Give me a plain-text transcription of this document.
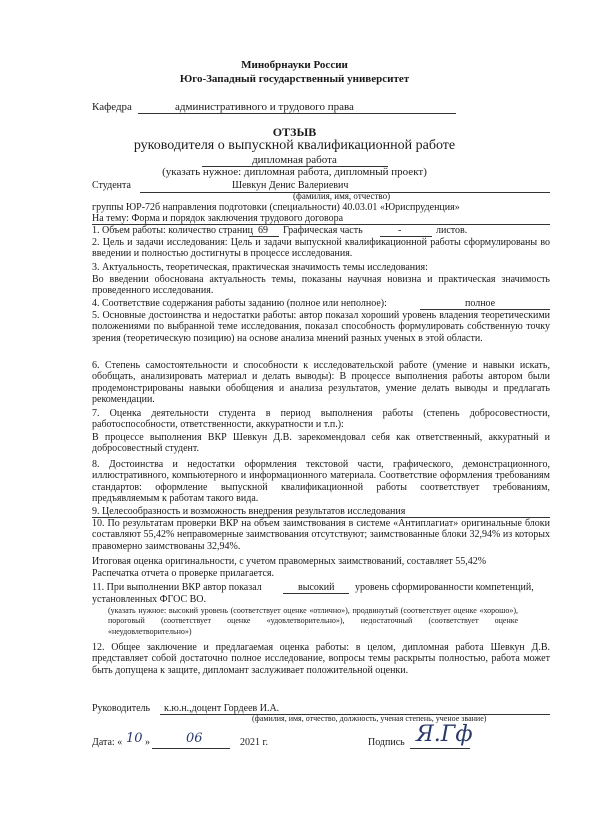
Минобрнауки России
Юго-Западный государственный университет
Кафедра	административного и трудового права
ОТЗЫВ
руководителя о выпускной квалификационной работе
дипломная работа
(указать нужное: дипломная работа, дипломный проект)
Студента	Шевкун Денис Валериевич
(фамилия, имя, отчество)
группы ЮР-72б направления подготовки (специальности) 40.03.01 «Юриспруденция»
На тему: Форма и порядок заключения трудового договора
1. Объем работы: количество страниц 69 Графическая часть	-	листов.
2. Цель и задачи исследования: Цель и задачи выпускной квалификационной работы сформулированы во введении и полностью достигнуты в процессе исследования.
3. Актуальность, теоретическая, практическая значимость темы исследования:
Во введении обоснована актуальность темы, показаны научная новизна и практическая значимость проведенного исследования.
4. Соответствие содержания работы заданию (полное или неполное):	полное
5. Основные достоинства и недостатки работы: автор показал хороший уровень владения теоретическими положениями по выбранной теме исследования, показал способность формулировать собственную точку зрения (теоретическую позицию) на основе анализа мнений разных ученых в этой области.
6. Степень самостоятельности и способности к исследовательской работе (умение и навыки искать, обобщать, анализировать материал и делать выводы): В процессе выполнения работы автором были продемонстрированы навыки обобщения и анализа результатов, умение делать выводы и предлагать рекомендации.
7. Оценка деятельности студента в период выполнения работы (степень добросовестности, работоспособности, ответственности, аккуратности и т.п.):
В процессе выполнения ВКР Шевкун Д.В. зарекомендовал себя как ответственный, аккуратный и добросовестный студент.
8. Достоинства и недостатки оформления текстовой части, графического, демонстрационного, иллюстративного, компьютерного и информационного материала. Соответствие оформления требованиям стандартов: оформление выпускной квалификационной работы соответствует требованиям, предъявляемым к работам такого вида.
9. Целесообразность и возможность внедрения результатов исследования
10. По результатам проверки ВКР на объем заимствования в системе «Антиплагиат» оригинальные блоки составляют 55,42% неправомерные заимствования отсутствуют; заимствованные блоки 32,94% из которых правомерно заимствованы 32,94%.
Итоговая оценка оригинальности, с учетом правомерных заимствований, составляет 55,42%
Распечатка отчета о проверке прилагается.
11. При выполнении ВКР автор показал	высокий уровень сформированности компетенций,
установленных ФГОС ВО.
(указать нужное: высокий уровень (соответствует оценке «отлично»), продвинутый (соответствует оценке «хорошо»), пороговый (соответствует оценке «удовлетворительно»), недостаточный (соответствует оценке «неудовлетворительно»)
12. Общее заключение и предлагаемая оценка работы: в целом, дипломная работа Шевкун Д.В. представляет собой достаточно полное исследование, вопросы темы раскрыты полностью, работа может быть допущена к защите, дипломант заслуживает положительной оценки.
Руководитель к.ю.н.,доцент Гордеев И.А.
(фамилия, имя, отчество, должность, ученая степень, ученое звание)
Дата: « 10 »	06	2021 г.	Подпись Я.Гф
